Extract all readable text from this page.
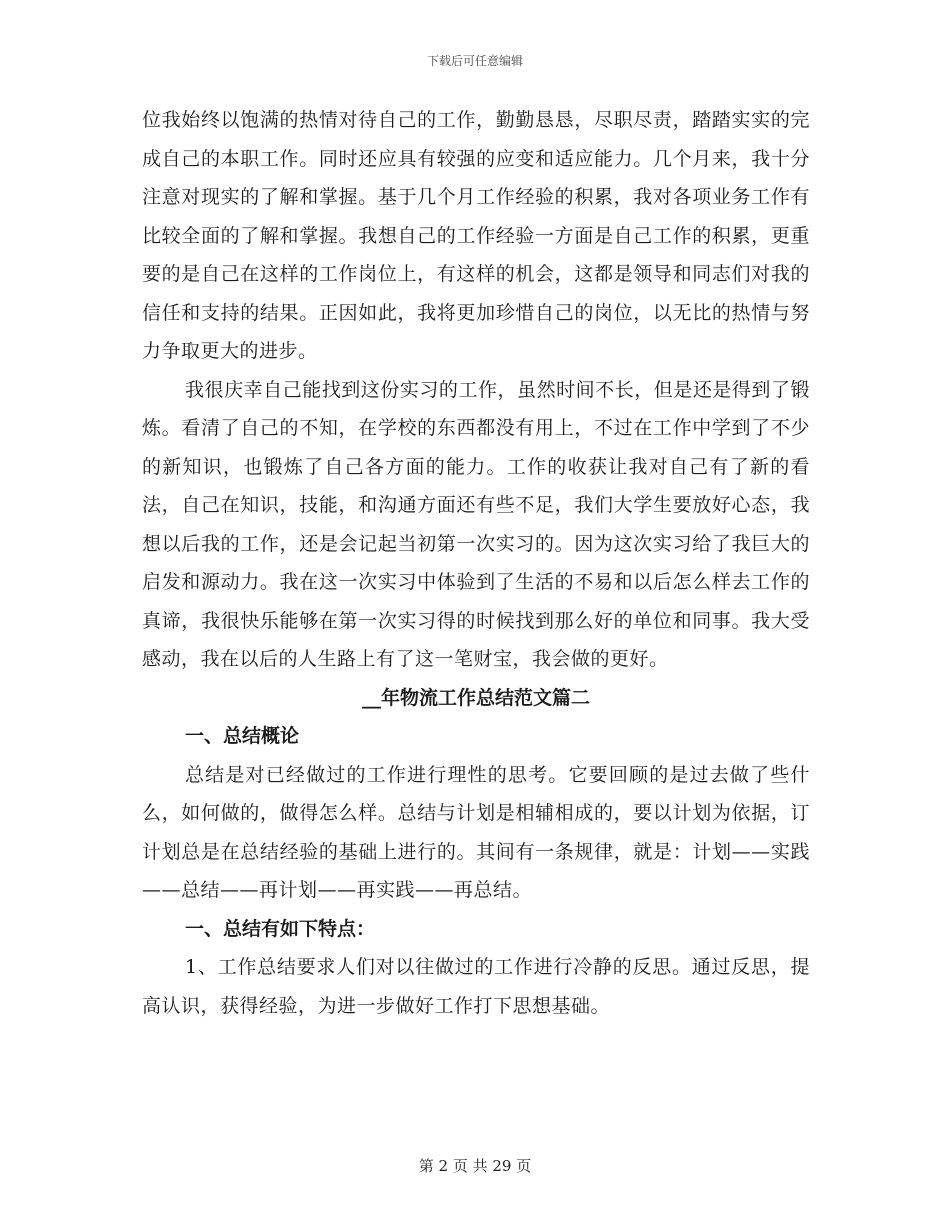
下载后可任意编辑

位我始终以饱满的热情对待自己的工作，勤勤恳恳，尽职尽责，踏踏实实的完成自己的本职工作。同时还应具有较强的应变和适应能力。几个月来，我十分注意对现实的了解和掌握。基于几个月工作经验的积累，我对各项业务工作有比较全面的了解和掌握。我想自己的工作经验一方面是自己工作的积累，更重要的是自己在这样的工作岗位上，有这样的机会，这都是领导和同志们对我的信任和支持的结果。正因如此，我将更加珍惜自己的岗位，以无比的热情与努力争取更大的进步。

我很庆幸自己能找到这份实习的工作，虽然时间不长，但是还是得到了锻炼。看清了自己的不知，在学校的东西都没有用上，不过在工作中学到了不少的新知识，也锻炼了自己各方面的能力。工作的收获让我对自己有了新的看法，自己在知识，技能，和沟通方面还有些不足，我们大学生要放好心态，我想以后我的工作，还是会记起当初第一次实习的。因为这次实习给了我巨大的启发和源动力。我在这一次实习中体验到了生活的不易和以后怎么样去工作的真谛，我很快乐能够在第一次实习得的时候找到那么好的单位和同事。我大受感动，我在以后的人生路上有了这一笔财宝，我会做的更好。

__年物流工作总结范文篇二

一、总结概论

总结是对已经做过的工作进行理性的思考。它要回顾的是过去做了些什么，如何做的，做得怎么样。总结与计划是相辅相成的，要以计划为依据，订计划总是在总结经验的基础上进行的。其间有一条规律，就是：计划——实践——总结——再计划——再实践——再总结。

一、总结有如下特点：

1、工作总结要求人们对以往做过的工作进行冷静的反思。通过反思，提高认识，获得经验，为进一步做好工作打下思想基础。

第 2 页 共 29 页
